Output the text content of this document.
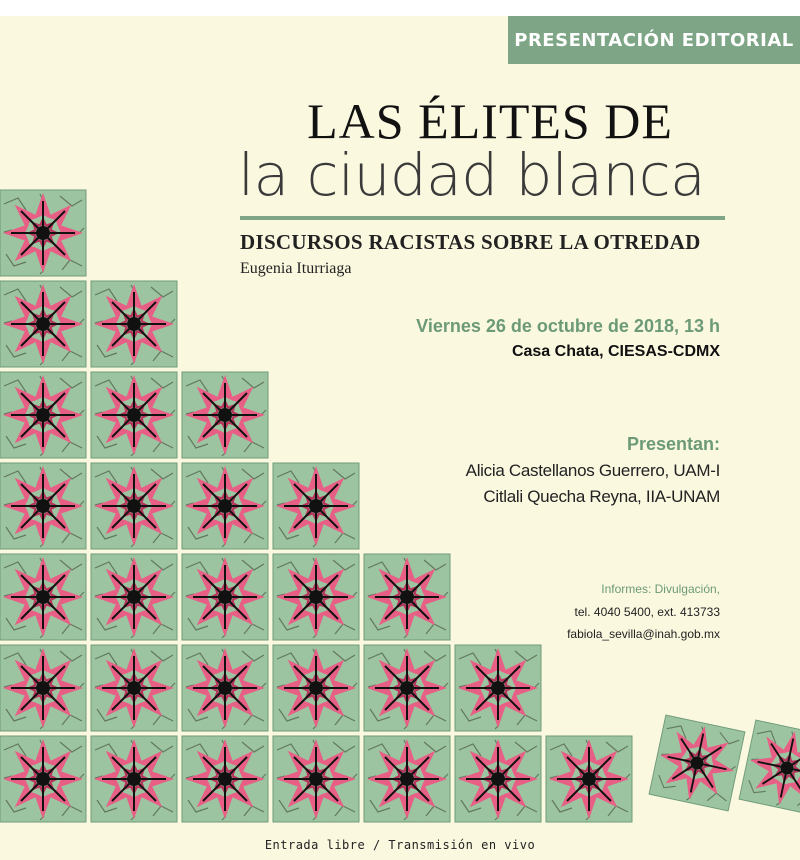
PRESENTACIÓN EDITORIAL
LAS ÉLITES DE
la ciudad blanca
DISCURSOS RACISTAS SOBRE LA OTREDAD
Eugenia Iturriaga
Viernes 26 de octubre de 2018, 13 h
Casa Chata, CIESAS-CDMX
Presentan:
Alicia Castellanos Guerrero, UAM-I
Citlali Quecha Reyna, IIA-UNAM
Informes: Divulgación,
tel. 4040 5400, ext. 413733
fabiola_sevilla@inah.gob.mx
Entrada libre / Transmisión en vivo
